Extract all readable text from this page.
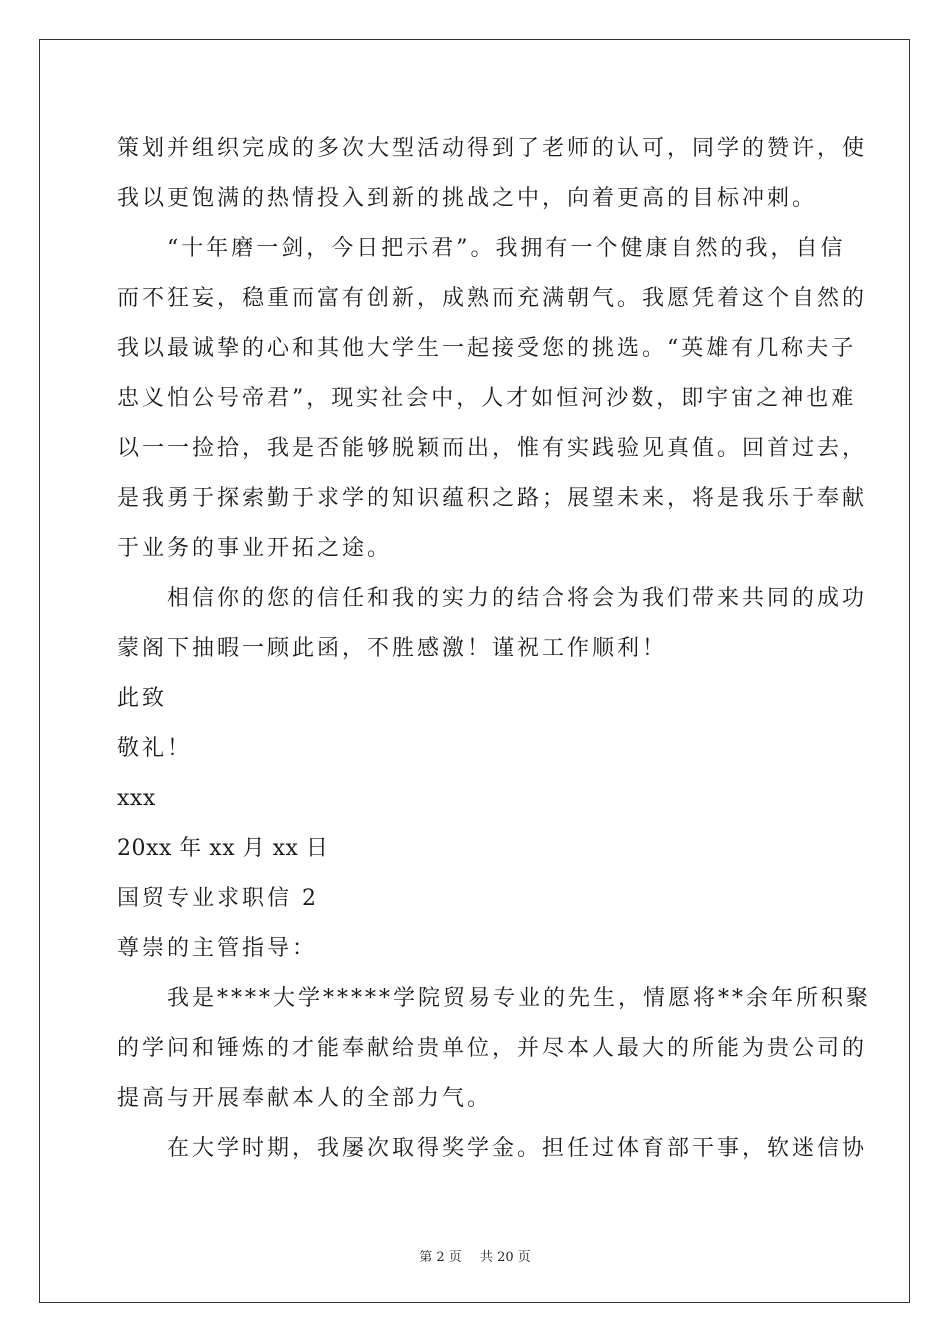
策划并组织完成的多次大型活动得到了老师的认可，同学的赞许，使
我以更饱满的热情投入到新的挑战之中，向着更高的目标冲刺。
　　“十年磨一剑，今日把示君”。我拥有一个健康自然的我，自信
而不狂妄，稳重而富有创新，成熟而充满朝气。我愿凭着这个自然的
我以最诚挚的心和其他大学生一起接受您的挑选。“英雄有几称夫子
忠义怕公号帝君”，现实社会中，人才如恒河沙数，即宇宙之神也难
以一一捡拾，我是否能够脱颖而出，惟有实践验见真值。回首过去，
是我勇于探索勤于求学的知识蕴积之路；展望未来，将是我乐于奉献
于业务的事业开拓之途。
　　相信你的您的信任和我的实力的结合将会为我们带来共同的成功
蒙阁下抽暇一顾此函，不胜感激！谨祝工作顺利！
此致
敬礼！
xxx
20xx 年 xx 月 xx 日
国贸专业求职信 2
尊崇的主管指导：
　　我是****大学*****学院贸易专业的先生，情愿将**余年所积聚
的学问和锤炼的才能奉献给贵单位，并尽本人最大的所能为贵公司的
提高与开展奉献本人的全部力气。
　　在大学时期，我屡次取得奖学金。担任过体育部干事，软迷信协
第 2 页 共 20 页
